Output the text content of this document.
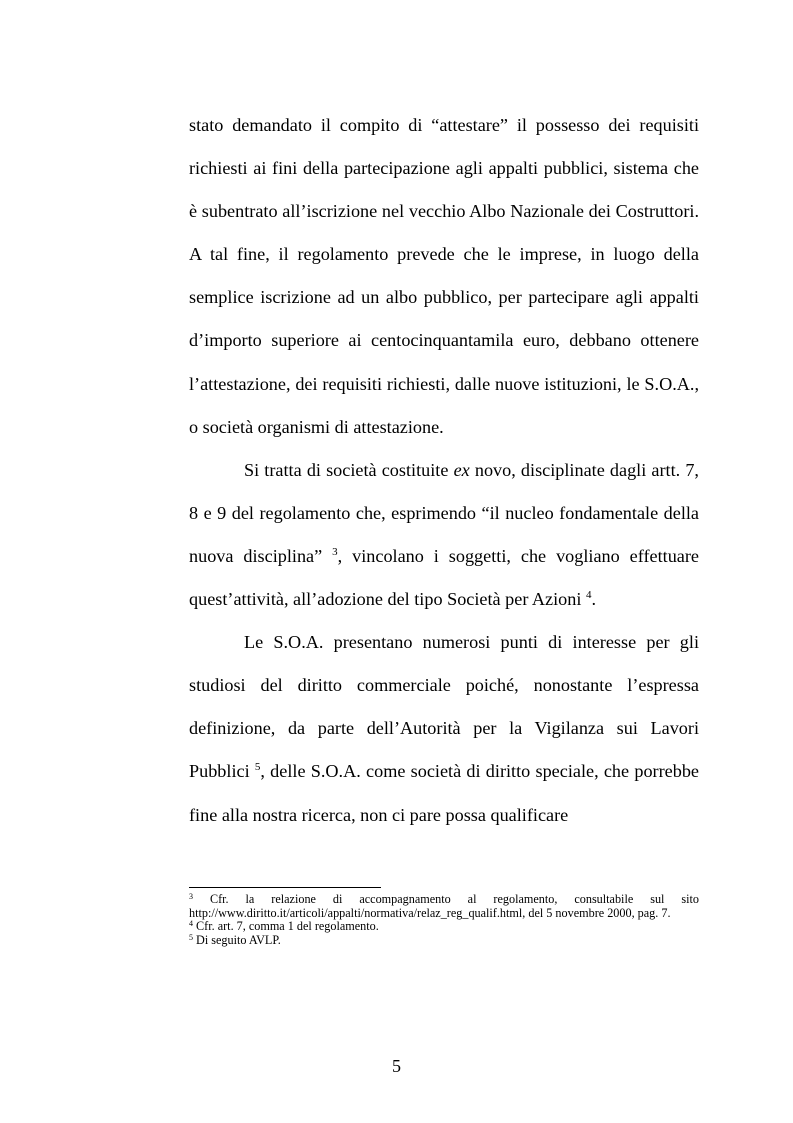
stato demandato il compito di “attestare” il possesso dei requisiti richiesti ai fini della partecipazione agli appalti pubblici, sistema che è subentrato all’iscrizione nel vecchio Albo Nazionale dei Costruttori. A tal fine, il regolamento prevede che le imprese, in luogo della semplice iscrizione ad un albo pubblico, per partecipare agli appalti d’importo superiore ai centocinquantamila euro, debbano ottenere l’attestazione, dei requisiti richiesti, dalle nuove istituzioni, le S.O.A., o società organismi di attestazione.

Si tratta di società costituite ex novo, disciplinate dagli artt. 7, 8 e 9 del regolamento che, esprimendo “il nucleo fondamentale della nuova disciplina” $^3$, vincolano i soggetti, che vogliano effettuare quest’attività, all’adozione del tipo Società per Azioni $^4$.

Le S.O.A. presentano numerosi punti di interesse per gli studiosi del diritto commerciale poiché, nonostante l’espressa definizione, da parte dell’Autorità per la Vigilanza sui Lavori Pubblici $^5$, delle S.O.A. come società di diritto speciale, che porrebbe fine alla nostra ricerca, non ci pare possa qualificare

$^3$ Cfr. la relazione di accompagnamento al regolamento, consultabile sul sito http://www.diritto.it/articoli/appalti/normativa/relaz_reg_qualif.html, del 5 novembre 2000, pag. 7.

$^4$ Cfr. art. 7, comma 1 del regolamento.

$^5$ Di seguito AVLP.

5
